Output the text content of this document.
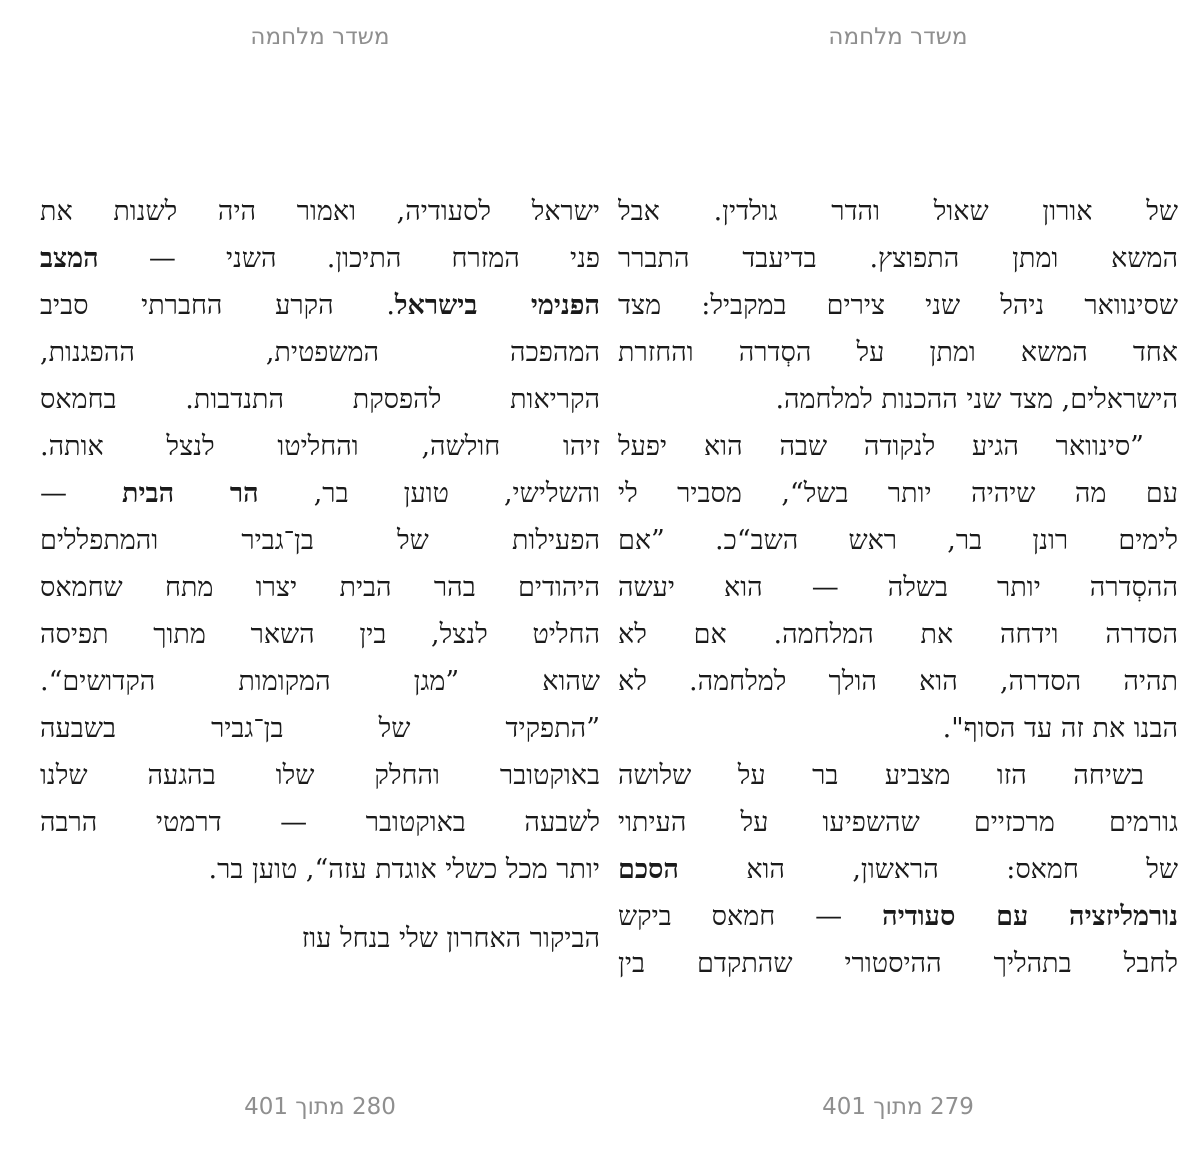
משדר מלחמה
של אורון שאול והדר גולדין. אבל
המשא ומתן התפוצץ. בדיעבד התברר
שסינוואר ניהל שני צירים במקביל: מצד
אחד המשא ומתן על הסְדרה והחזרת
הישראלים, מצד שני ההכנות למלחמה.
”סינוואר הגיע לנקודה שבה הוא יפעל
עם מה שיהיה יותר בשל“, מסביר לי
לימים רונן בר, ראש השב“כ. ”אם
ההסְדרה יותר בשלה — הוא יעשה
הסדרה וידחה את המלחמה. אם לא
תהיה הסדרה, הוא הולך למלחמה. לא
הבנו את זה עד הסוף".
בשיחה הזו מצביע בר על שלושה
גורמים מרכזיים שהשפיעו על העיתוי
של חמאס: הראשון, הוא הסכם
נורמליזציה עם סעודיה — חמאס ביקש
לחבל בתהליך ההיסטורי שהתקדם בין
279 מתוך 401
משדר מלחמה
ישראל לסעודיה, ואמור היה לשנות את
פני המזרח התיכון. השני — המצב
הפנימי בישראל. הקרע החברתי סביב
המהפכה המשפטית, ההפגנות,
הקריאות להפסקת התנדבות. בחמאס
זיהו חולשה, והחליטו לנצל אותה.
והשלישי, טוען בר, הר הבית —
הפעילות של בן־גביר והמתפללים
היהודים בהר הבית יצרו מתח שחמאס
החליט לנצל, בין השאר מתוך תפיסה
שהוא ”מגן המקומות הקדושים“.
”התפקיד של בן־גביר בשבעה
באוקטובר והחלק שלו בהגעה שלנו
לשבעה באוקטובר — דרמטי הרבה
יותר מכל כשלי אוגדת עזה“, טוען בר.
הביקור האחרון שלי בנחל עוז
280 מתוך 401
